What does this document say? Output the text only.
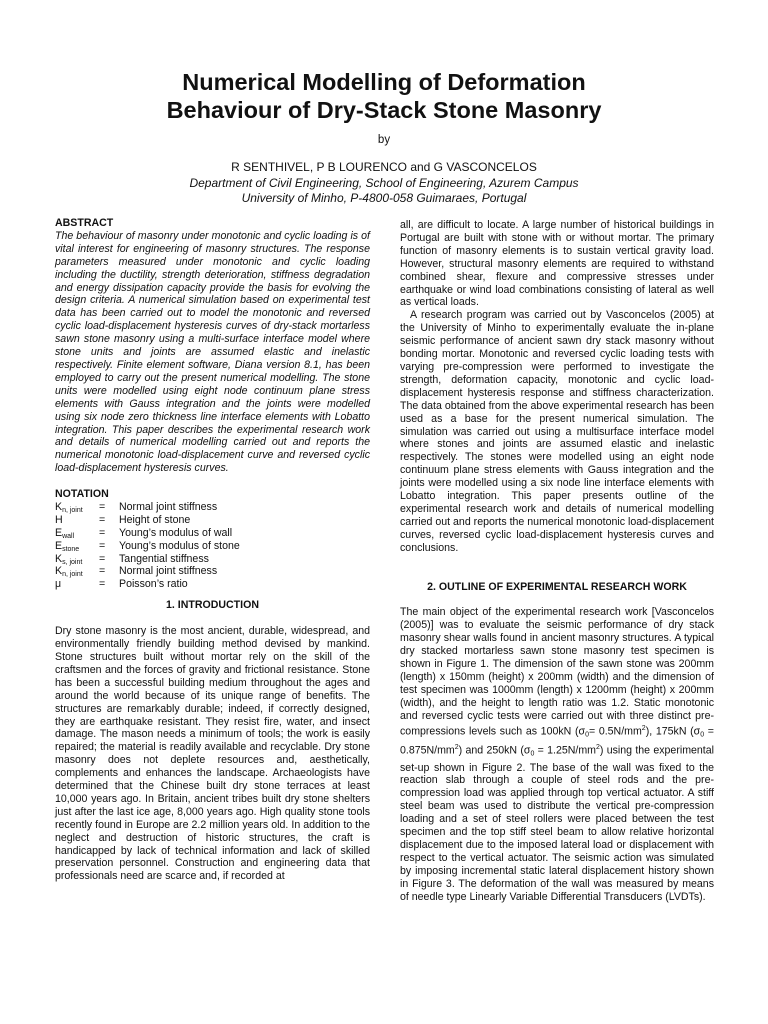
Numerical Modelling of Deformation
Behaviour of Dry-Stack Stone Masonry
by
R SENTHIVEL, P B LOURENCO and G VASCONCELOS
Department of Civil Engineering, School of Engineering, Azurem Campus
University of Minho, P-4800-058 Guimaraes, Portugal

ABSTRACT

The behaviour of masonry under monotonic and cyclic loading is of vital interest for engineering of masonry structures. The response parameters measured under monotonic and cyclic loading including the ductility, strength deterioration, stiffness degradation and energy dissipation capacity provide the basis for evolving the design criteria. A numerical simulation based on experimental test data has been carried out to model the monotonic and reversed cyclic load-displacement hysteresis curves of dry-stack mortarless sawn stone masonry using a multi-surface interface model where stone units and joints are assumed elastic and inelastic respectively. Finite element software, Diana version 8.1, has been employed to carry out the present numerical modelling. The stone units were modelled using eight node continuum plane stress elements with Gauss integration and the joints were modelled using six node zero thickness line interface elements with Lobatto integration. This paper describes the experimental research work and details of numerical modelling carried out and reports the numerical monotonic load-displacement curve and reversed cyclic load-displacement hysteresis curves.

NOTATION

$K_{n, joint}$	=	Normal joint stiffness
H	=	Height of stone
$E_{wall}$	=	Young’s modulus of wall
$E_{stone}$	=	Young’s modulus of stone
$K_{s, joint}$	=	Tangential stiffness
$K_{n, joint}$	=	Normal joint stiffness
μ	=	Poisson’s ratio

1. INTRODUCTION

Dry stone masonry is the most ancient, durable, widespread, and environmentally friendly building method devised by mankind. Stone structures built without mortar rely on the skill of the craftsmen and the forces of gravity and frictional resistance. Stone has been a successful building medium throughout the ages and around the world because of its unique range of benefits. The structures are remarkably durable; indeed, if correctly designed, they are earthquake resistant. They resist fire, water, and insect damage. The mason needs a minimum of tools; the work is easily repaired; the material is readily available and recyclable. Dry stone masonry does not deplete resources and, aesthetically, complements and enhances the landscape. Archaeologists have determined that the Chinese built dry stone terraces at least 10,000 years ago. In Britain, ancient tribes built dry stone shelters just after the last ice age, 8,000 years ago. High quality stone tools recently found in Europe are 2.2 million years old. In addition to the neglect and destruction of historic structures, the craft is handicapped by lack of technical information and lack of skilled preservation personnel. Construction and engineering data that professionals need are scarce and, if recorded at

all, are difficult to locate. A large number of historical buildings in Portugal are built with stone with or without mortar. The primary function of masonry elements is to sustain vertical gravity load. However, structural masonry elements are required to withstand combined shear, flexure and compressive stresses under earthquake or wind load combinations consisting of lateral as well as vertical loads.

A research program was carried out by Vasconcelos (2005) at the University of Minho to experimentally evaluate the in-plane seismic performance of ancient sawn dry stack masonry without bonding mortar. Monotonic and reversed cyclic loading tests with varying pre-compression were performed to investigate the strength, deformation capacity, monotonic and cyclic load-displacement hysteresis response and stiffness characterization. The data obtained from the above experimental research has been used as a base for the present numerical simulation. The simulation was carried out using a multisurface interface model where stones and joints are assumed elastic and inelastic respectively. The stones were modelled using an eight node continuum plane stress elements with Gauss integration and the joints were modelled using a six node line interface elements with Lobatto integration. This paper presents outline of the experimental research work and details of numerical modelling carried out and reports the numerical monotonic load-displacement curves, reversed cyclic load-displacement hysteresis curves and conclusions.

2. OUTLINE OF EXPERIMENTAL RESEARCH WORK

The main object of the experimental research work [Vasconcelos (2005)] was to evaluate the seismic performance of dry stack masonry shear walls found in ancient masonry structures. A typical dry stacked mortarless sawn stone masonry test specimen is shown in Figure 1. The dimension of the sawn stone was 200mm (length) x 150mm (height) x 200mm (width) and the dimension of test specimen was 1000mm (length) x 1200mm (height) x 200mm (width), and the height to length ratio was 1.2. Static monotonic and reversed cyclic tests were carried out with three distinct pre-compressions levels such as 100kN $(\sigma_0= 0.5N/mm^2)$, 175kN $(\sigma_0 = 0.875N/mm^2)$ and 250kN $(\sigma_0 = 1.25N/mm^2)$ using the experimental set-up shown in Figure 2. The base of the wall was fixed to the reaction slab through a couple of steel rods and the pre-compression load was applied through top vertical actuator. A stiff steel beam was used to distribute the vertical pre-compression loading and a set of steel rollers were placed between the test specimen and the top stiff steel beam to allow relative horizontal displacement due to the imposed lateral load or displacement with respect to the vertical actuator. The seismic action was simulated by imposing incremental static lateral displacement history shown in Figure 3. The deformation of the wall was measured by means of needle type Linearly Variable Differential Transducers (LVDTs).
